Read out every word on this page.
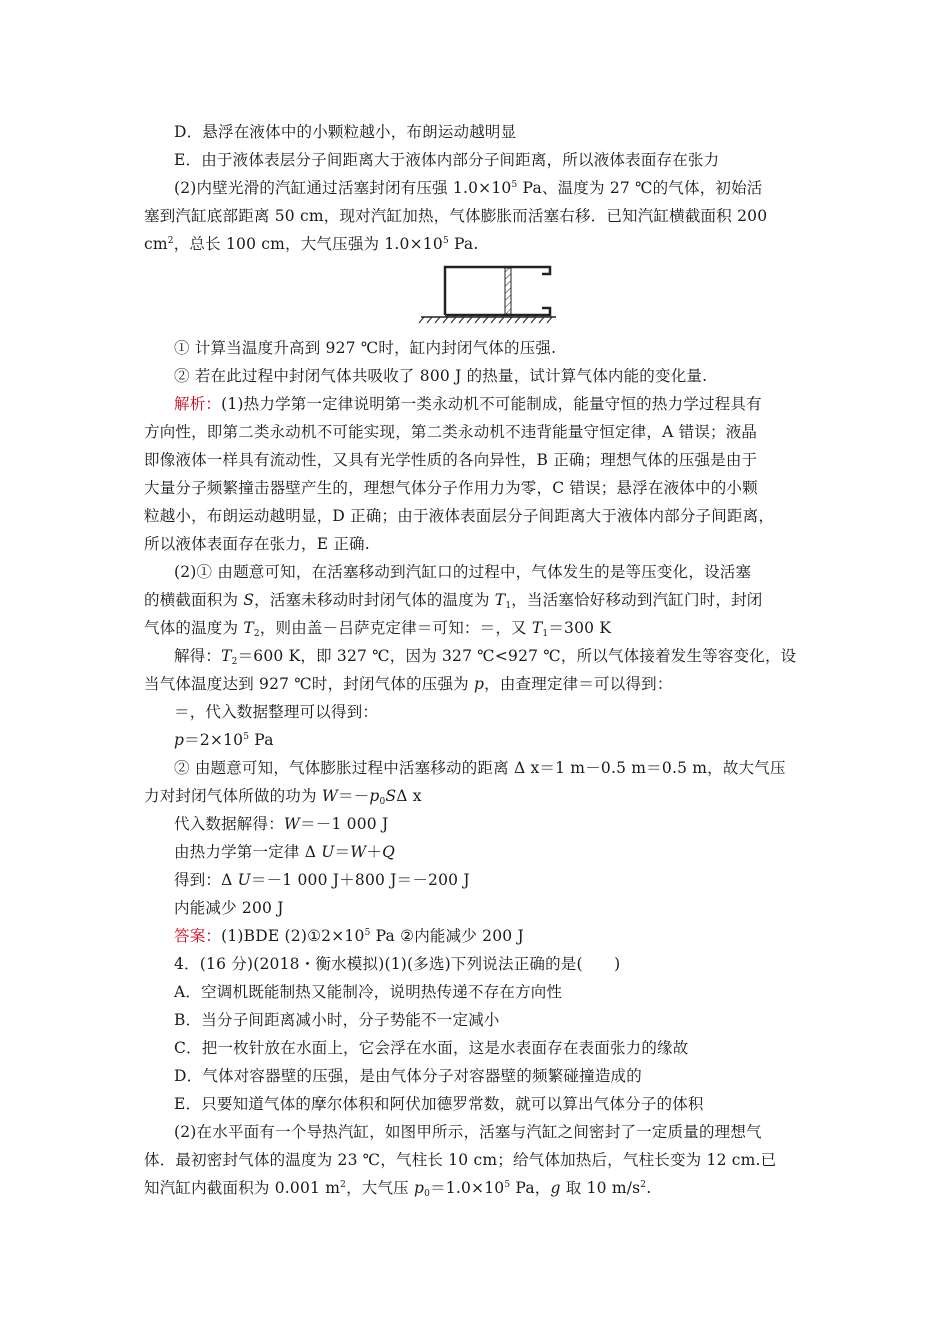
D．悬浮在液体中的小颗粒越小，布朗运动越明显
E．由于液体表层分子间距离大于液体内部分子间距离，所以液体表面存在张力
(2)内壁光滑的汽缸通过活塞封闭有压强 $1.0\times 10^5$ Pa、温度为 27 ℃的气体，初始活
塞到汽缸底部距离 50 cm，现对汽缸加热，气体膨胀而活塞右移．已知汽缸横截面积 200
$cm^2$，总长 100 cm，大气压强为 $1.0\times 10^5$ Pa.
① 计算当温度升高到 927 ℃时，缸内封闭气体的压强.
② 若在此过程中封闭气体共吸收了 800 J 的热量，试计算气体内能的变化量.
解析：(1)热力学第一定律说明第一类永动机不可能制成，能量守恒的热力学过程具有
方向性，即第二类永动机不可能实现，第二类永动机不违背能量守恒定律，A 错误；液晶
即像液体一样具有流动性，又具有光学性质的各向异性，B 正确；理想气体的压强是由于
大量分子频繁撞击器壁产生的，理想气体分子作用力为零，C 错误；悬浮在液体中的小颗
粒越小，布朗运动越明显，D 正确；由于液体表面层分子间距离大于液体内部分子间距离，
所以液体表面存在张力，E 正确.
(2)① 由题意可知，在活塞移动到汽缸口的过程中，气体发生的是等压变化，设活塞
的横截面积为 S，活塞未移动时封闭气体的温度为 $T_1$，当活塞恰好移动到汽缸门时，封闭
气体的温度为 $T_2$，则由盖－吕萨克定律＝可知：＝，又 $T_1=300$ K
解得：$T_2=600$ K，即 327 ℃，因为 327 ℃<927 ℃，所以气体接着发生等容变化，设
当气体温度达到 927 ℃时，封闭气体的压强为 p，由查理定律＝可以得到：
＝，代入数据整理可以得到：
$p=2\times 10^5$ Pa
② 由题意可知，气体膨胀过程中活塞移动的距离 Δ x＝1 m－0.5 m＝0.5 m，故大气压
力对封闭气体所做的功为 $W=-p_0S\Delta$ x
代入数据解得：W＝－1 000 J
由热力学第一定律 Δ U＝W＋Q
得到：Δ U＝－1 000 J＋800 J＝－200 J
内能减少 200 J
答案：(1)BDE $(2)①2\times 10^5$ Pa ②内能减少 200 J
4．(16 分)(2018・衡水模拟)(1)(多选)下列说法正确的是(　　)
A．空调机既能制热又能制冷，说明热传递不存在方向性
B．当分子间距离减小时，分子势能不一定减小
C．把一枚针放在水面上，它会浮在水面，这是水表面存在表面张力的缘故
D．气体对容器壁的压强，是由气体分子对容器壁的频繁碰撞造成的
E．只要知道气体的摩尔体积和阿伏加德罗常数，就可以算出气体分子的体积
(2)在水平面有一个导热汽缸，如图甲所示，活塞与汽缸之间密封了一定质量的理想气
体．最初密封气体的温度为 23 ℃，气柱长 10 cm；给气体加热后，气柱长变为 12 cm.已
知汽缸内截面积为 0.001 $m^2$，大气压 $p_0=1.0\times 10^5$ Pa，g 取 10 $m/s^2$.
